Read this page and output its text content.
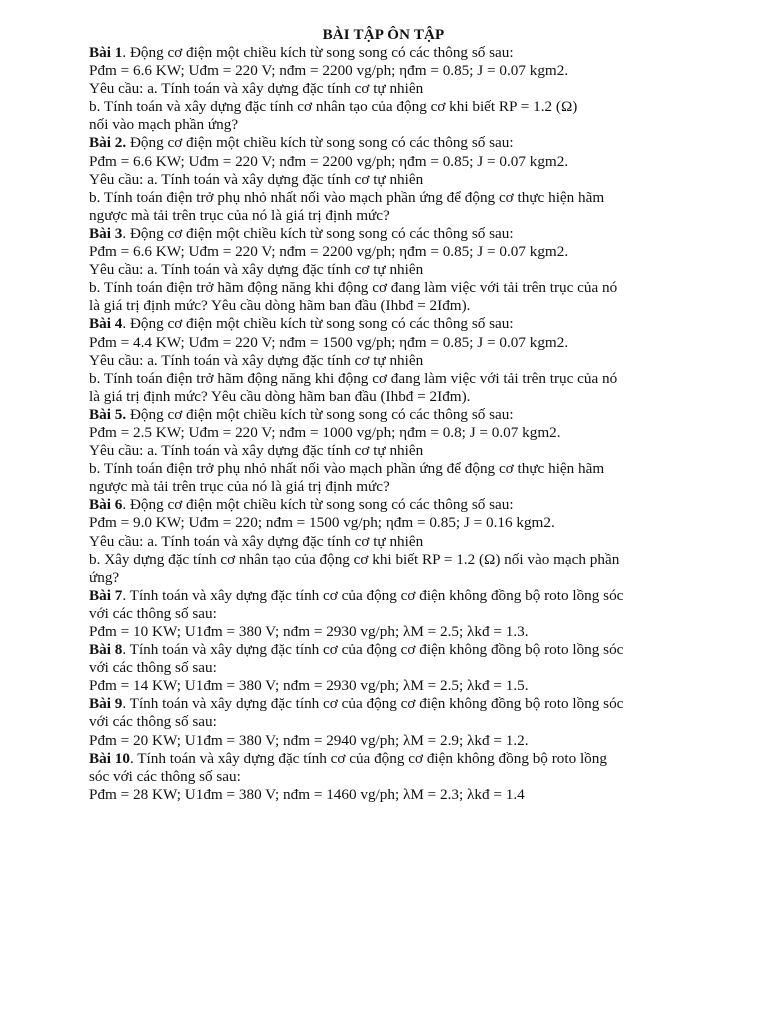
BÀI TẬP ÔN TẬP
Bài 1. Động cơ điện một chiều kích từ song song có các thông số sau:
Pđm = 6.6 KW; Uđm = 220 V; nđm = 2200 vg/ph; ηđm = 0.85; J = 0.07 kgm2.
Yêu cầu: a. Tính toán và xây dựng đặc tính cơ tự nhiên
b. Tính toán và xây dựng đặc tính cơ nhân tạo của động cơ khi biết RP = 1.2 (Ω)
nối vào mạch phần ứng?
Bài 2. Động cơ điện một chiều kích từ song song có các thông số sau:
Pđm = 6.6 KW; Uđm = 220 V; nđm = 2200 vg/ph; ηđm = 0.85; J = 0.07 kgm2.
Yêu cầu: a. Tính toán và xây dựng đặc tính cơ tự nhiên
b. Tính toán điện trở phụ nhỏ nhất nối vào mạch phần ứng để động cơ thực hiện hãm
ngược mà tải trên trục của nó là giá trị định mức?
Bài 3. Động cơ điện một chiều kích từ song song có các thông số sau:
Pđm = 6.6 KW; Uđm = 220 V; nđm = 2200 vg/ph; ηđm = 0.85; J = 0.07 kgm2.
Yêu cầu: a. Tính toán và xây dựng đặc tính cơ tự nhiên
b. Tính toán điện trở hãm động năng khi động cơ đang làm việc với tải trên trục của nó
là giá trị định mức? Yêu cầu dòng hãm ban đầu (Ihbđ = 2Iđm).
Bài 4. Động cơ điện một chiều kích từ song song có các thông số sau:
Pđm = 4.4 KW; Uđm = 220 V; nđm = 1500 vg/ph; ηđm = 0.85; J = 0.07 kgm2.
Yêu cầu: a. Tính toán và xây dựng đặc tính cơ tự nhiên
b. Tính toán điện trở hãm động năng khi động cơ đang làm việc với tải trên trục của nó
là giá trị định mức? Yêu cầu dòng hãm ban đầu (Ihbđ = 2Iđm).
Bài 5. Động cơ điện một chiều kích từ song song có các thông số sau:
Pđm = 2.5 KW; Uđm = 220 V; nđm = 1000 vg/ph; ηđm = 0.8; J = 0.07 kgm2.
Yêu cầu: a. Tính toán và xây dựng đặc tính cơ tự nhiên
b. Tính toán điện trở phụ nhỏ nhất nối vào mạch phần ứng để động cơ thực hiện hãm
ngược mà tải trên trục của nó là giá trị định mức?
Bài 6. Động cơ điện một chiều kích từ song song có các thông số sau:
Pđm = 9.0 KW; Uđm = 220; nđm = 1500 vg/ph; ηđm = 0.85; J = 0.16 kgm2.
Yêu cầu: a. Tính toán và xây dựng đặc tính cơ tự nhiên
b. Xây dựng đặc tính cơ nhân tạo của động cơ khi biết RP = 1.2 (Ω) nối vào mạch phần
ứng?
Bài 7. Tính toán và xây dựng đặc tính cơ của động cơ điện không đồng bộ roto lồng sóc
với các thông số sau:
Pđm = 10 KW; U1đm = 380 V; nđm = 2930 vg/ph; λM = 2.5; λkđ = 1.3.
Bài 8. Tính toán và xây dựng đặc tính cơ của động cơ điện không đồng bộ roto lồng sóc
với các thông số sau:
Pđm = 14 KW; U1đm = 380 V; nđm = 2930 vg/ph; λM = 2.5; λkđ = 1.5.
Bài 9. Tính toán và xây dựng đặc tính cơ của động cơ điện không đồng bộ roto lồng sóc
với các thông số sau:
Pđm = 20 KW; U1đm = 380 V; nđm = 2940 vg/ph; λM = 2.9; λkđ = 1.2.
Bài 10. Tính toán và xây dựng đặc tính cơ của động cơ điện không đồng bộ roto lồng
sóc với các thông số sau:
Pđm = 28 KW; U1đm = 380 V; nđm = 1460 vg/ph; λM = 2.3; λkđ = 1.4
